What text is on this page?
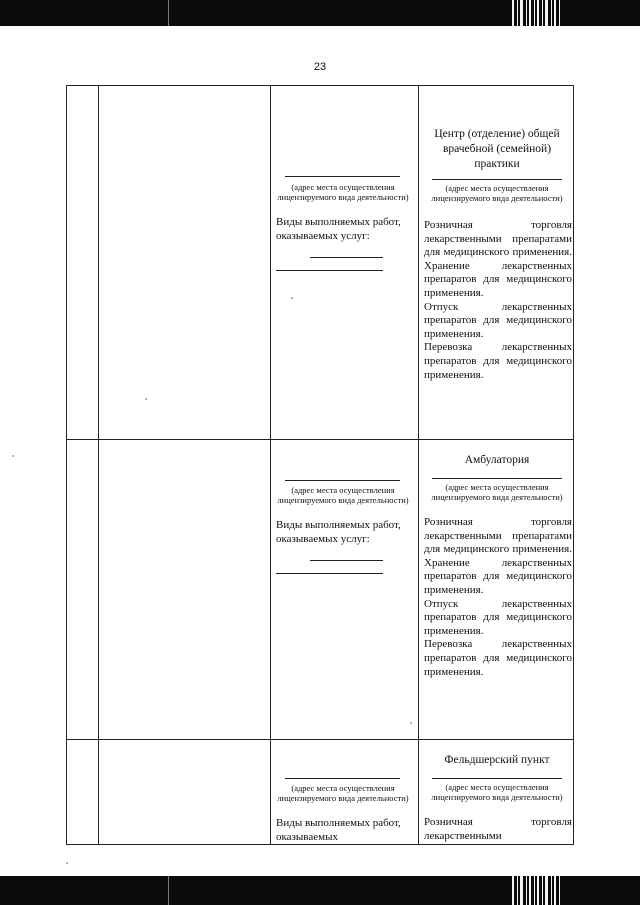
23
(адрес места осуществления лицензируемого вида деятельности)
Виды выполняемых работ, оказываемых услуг:
Центр (отделение) общей врачебной (семейной) практики
(адрес места осуществления лицензируемого вида деятельности)
Розничная торговля лекарственными препаратами для медицинского применения.
Хранение лекарственных препаратов для медицинского применения.
Отпуск лекарственных препаратов для медицинского применения.
Перевозка лекарственных препаратов для медицинского применения.
(адрес места осуществления лицензируемого вида деятельности)
Виды выполняемых работ, оказываемых услуг:
Амбулатория
(адрес места осуществления лицензируемого вида деятельности)
Розничная торговля лекарственными препаратами для медицинского применения.
Хранение лекарственных препаратов для медицинского применения.
Отпуск лекарственных препаратов для медицинского применения.
Перевозка лекарственных препаратов для медицинского применения.
(адрес места осуществления лицензируемого вида деятельности)
Виды выполняемых работ, оказываемых
Фельдшерский пункт
(адрес места осуществления лицензируемого вида деятельности)
Розничная торговля лекарственными
